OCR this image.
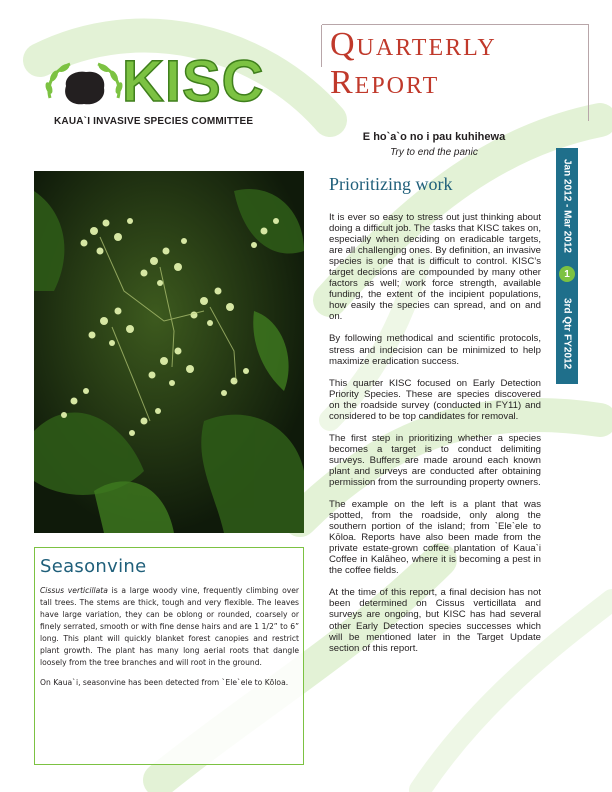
KISC
KAUA`I INVASIVE SPECIES COMMITTEE
Quarterly
Report
E ho`a`o no i pau kuhihewa
Try to end the panic
Jan 2012 - Mar 2012
1
3rd Qtr FY2012
Seasonvine

Cissus verticillata is a large woody vine, frequently climbing over tall trees. The stems are thick, tough and very flexible. The leaves have large variation, they can be oblong or rounded, coarsely or finely serrated, smooth or with fine dense hairs and are 1 1/2” to 6” long. This plant will quickly blanket forest canopies and restrict plant growth. The plant has many long aerial roots that dangle loosely from the tree branches and will root in the ground.

On Kaua`i, seasonvine has been detected from `Ele`ele to Kōloa.

Prioritizing work

It is ever so easy to stress out just thinking about doing a difficult job. The tasks that KISC takes on, especially when deciding on eradicable targets, are all challenging ones. By definition, an invasive species is one that is difficult to control. KISC’s target decisions are compounded by many other factors as well; work force strength, available funding, the extent of the incipient populations, how easily the species can spread, and on and on.

By following methodical and scientific protocols, stress and indecision can be minimized to help maximize eradication success.

This quarter KISC focused on Early Detection Priority Species. These are species discovered on the roadside survey (conducted in FY11) and considered to be top candidates for removal.

The first step in prioritizing whether a species becomes a target is to conduct delimiting surveys. Buffers are made around each known plant and surveys are conducted after obtaining permission from the surrounding property owners.

The example on the left is a plant that was spotted, from the roadside, only along the southern portion of the island; from `Ele`ele to Kōloa. Reports have also been made from the private estate-grown coffee plantation of Kaua`i Coffee in Kalāheo, where it is becoming a pest in the coffee fields.

At the time of this report, a final decision has not been determined on Cissus verticillata and surveys are ongoing, but KISC has had several other Early Detection species successes which will be mentioned later in the Target Update section of this report.
